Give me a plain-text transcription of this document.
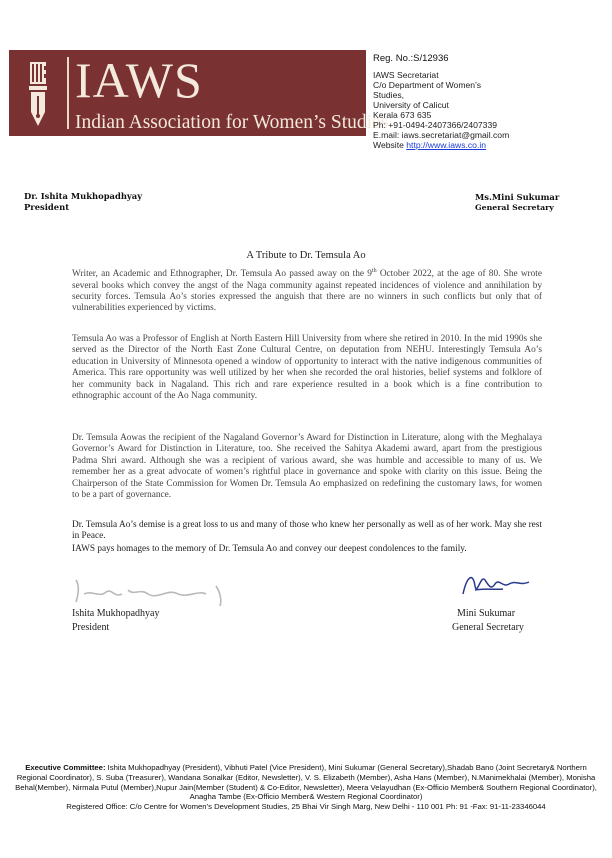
IAWS
Indian Association for Women’s Studies
Reg. No.:S/12936
IAWS Secretariat
C/o Department of Women’s
Studies,
University of Calicut
Kerala 673 635
Ph: +91-0494-2407366/2407339
E.mail: iaws.secretariat@gmail.com
Website http://www.iaws.co.in
Dr. Ishita Mukhopadhyay
President
Ms.Mini Sukumar
General Secretary
A Tribute to Dr. Temsula Ao
Writer, an Academic and Ethnographer, Dr. Temsula Ao passed away on the 9th October 2022, at the age of 80. She wrote several books which convey the angst of the Naga community against repeated incidences of violence and annihilation by security forces. Temsula Ao’s stories expressed the anguish that there are no winners in such conflicts but only that of vulnerabilities experienced by victims.
Temsula Ao was a Professor of English at North Eastern Hill University from where she retired in 2010. In the mid 1990s she served as the Director of the North East Zone Cultural Centre, on deputation from NEHU. Interestingly Temsula Ao’s education in University of Minnesota opened a window of opportunity to interact with the native indigenous communities of America. This rare opportunity was well utilized by her when she recorded the oral histories, belief systems and folklore of her community back in Nagaland. This rich and rare experience resulted in a book which is a fine contribution to ethnographic account of the Ao Naga community.
Dr. Temsula Aowas the recipient of the Nagaland Governor’s Award for Distinction in Literature, along with the Meghalaya Governor’s Award for Distinction in Literature, too. She received the Sahitya Akademi award, apart from the prestigious Padma Shri award. Although she was a recipient of various award, she was humble and accessible to many of us. We remember her as a great advocate of women’s rightful place in governance and spoke with clarity on this issue. Being the Chairperson of the State Commission for Women Dr. Temsula Ao emphasized on redefining the customary laws, for women to be a part of governance.
Dr. Temsula Ao’s demise is a great loss to us and many of those who knew her personally as well as of her work. May she rest in Peace.
IAWS pays homages to the memory of Dr. Temsula Ao and convey our deepest condolences to the family.
Ishita Mukhopadhyay
President
Mini Sukumar
General Secretary
Executive Committee: Ishita Mukhopadhyay (President), Vibhuti Patel (Vice President), Mini Sukumar (General Secretary),Shadab Bano (Joint Secretary& Northern Regional Coordinator), S. Suba (Treasurer), Wandana Sonalkar (Editor, Newsletter), V. S. Elizabeth (Member), Asha Hans (Member), N.Manimekhalai (Member), Monisha Behal(Member), Nirmala Putul (Member),Nupur Jain(Member (Student) & Co-Editor, Newsletter), Meera Velayudhan (Ex-Officio Member& Southern Regional Coordinator), Anagha Tambe (Ex-Officio Member& Western Regional Coordinator)
Registered Office: C/o Centre for Women’s Development Studies, 25 Bhai Vir Singh Marg, New Delhi - 110 001 Ph: 91 -Fax: 91-11-23346044
